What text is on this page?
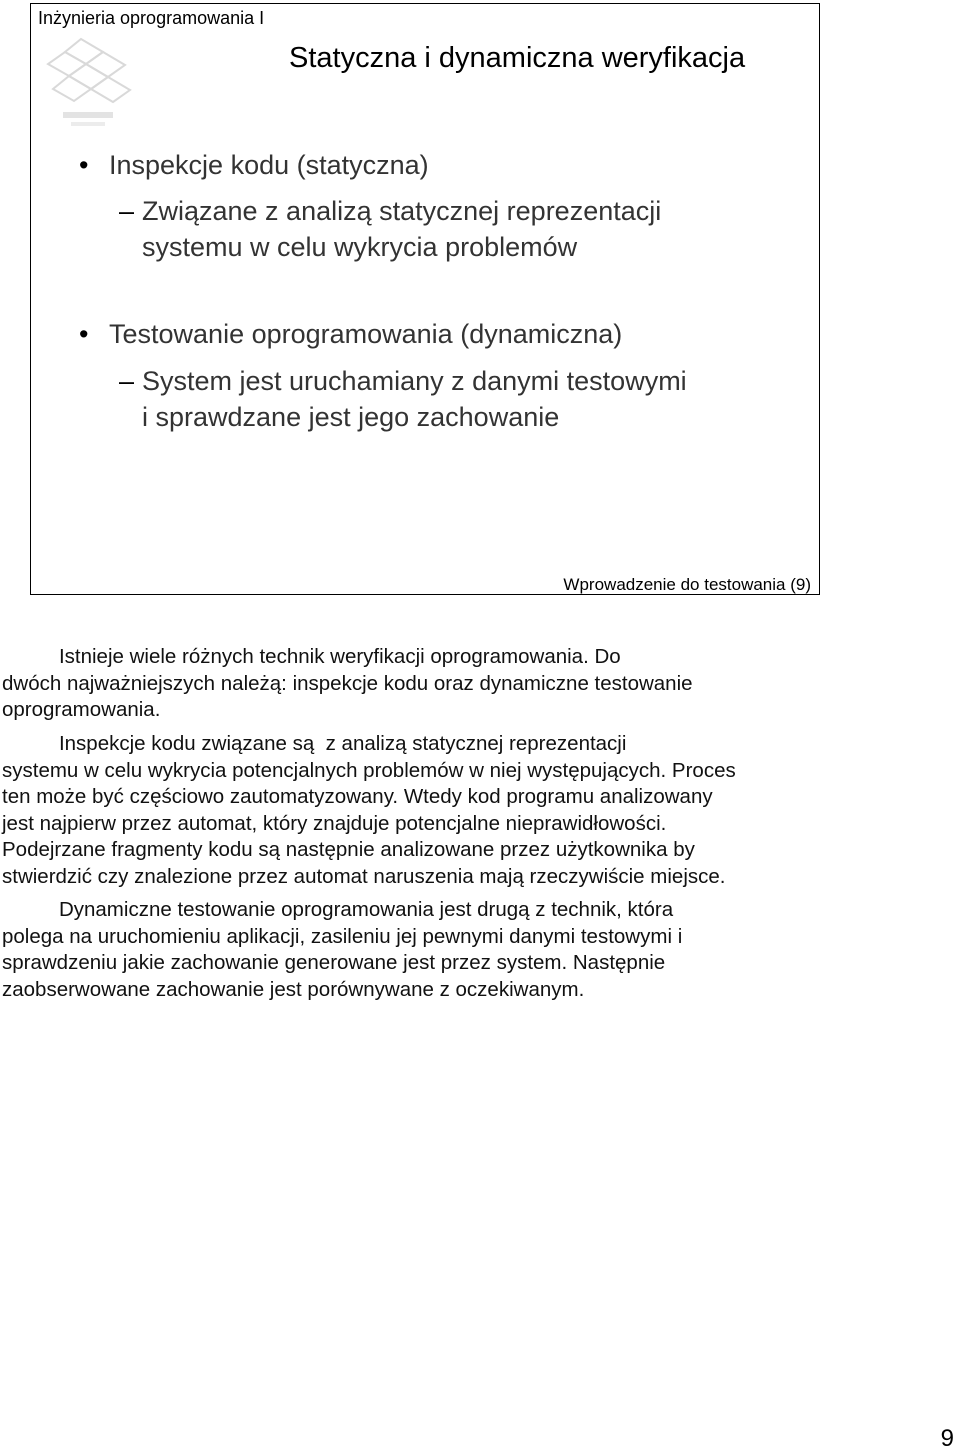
Inżynieria oprogramowania I
Statyczna i dynamiczna weryfikacja
• Inspekcje kodu (statyczna)
– Związane z analizą statycznej reprezentacji
systemu w celu wykrycia problemów
• Testowanie oprogramowania (dynamiczna)
– System jest uruchamiany z danymi testowymi
i sprawdzane jest jego zachowanie
Wprowadzenie do testowania (9)
Istnieje wiele różnych technik weryfikacji oprogramowania. Do
dwóch najważniejszych należą: inspekcje kodu oraz dynamiczne testowanie
oprogramowania.
Inspekcje kodu związane są  z analizą statycznej reprezentacji
systemu w celu wykrycia potencjalnych problemów w niej występujących. Proces
ten może być częściowo zautomatyzowany. Wtedy kod programu analizowany
jest najpierw przez automat, który znajduje potencjalne nieprawidłowości.
Podejrzane fragmenty kodu są następnie analizowane przez użytkownika by
stwierdzić czy znalezione przez automat naruszenia mają rzeczywiście miejsce.
Dynamiczne testowanie oprogramowania jest drugą z technik, która
polega na uruchomieniu aplikacji, zasileniu jej pewnymi danymi testowymi i
sprawdzeniu jakie zachowanie generowane jest przez system. Następnie
zaobserwowane zachowanie jest porównywane z oczekiwanym.
9
